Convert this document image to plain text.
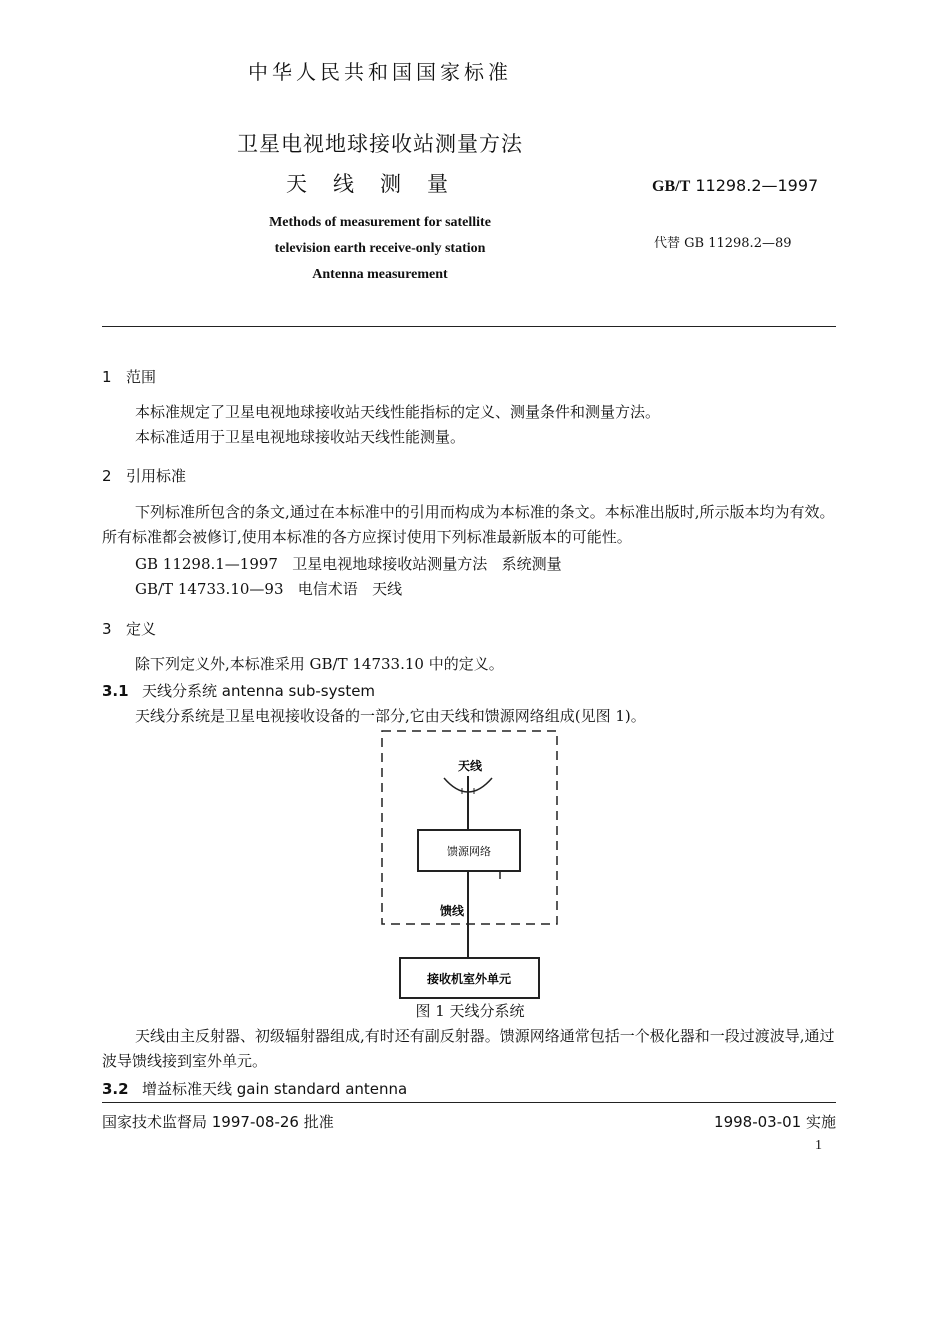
中华人民共和国国家标准
卫星电视地球接收站测量方法
天线测量
Methods of measurement for satellite
television earth receive-only station
Antenna measurement
GB/T 11298.2—1997
代替 GB 11298.2—89
1 范围
本标准规定了卫星电视地球接收站天线性能指标的定义、测量条件和测量方法。
本标准适用于卫星电视地球接收站天线性能测量。
2 引用标准
下列标准所包含的条文,通过在本标准中的引用而构成为本标准的条文。本标准出版时,所示版本均为有效。所有标准都会被修订,使用本标准的各方应探讨使用下列标准最新版本的可能性。
GB 11298.1—1997   卫星电视地球接收站测量方法   系统测量
GB/T 14733.10—93   电信术语   天线
3 定义
除下列定义外,本标准采用 GB/T 14733.10 中的定义。
3.1 天线分系统 antenna sub-system
天线分系统是卫星电视接收设备的一部分,它由天线和馈源网络组成(见图 1)。
天线
馈源网络
馈线
接收机室外单元
图 1 天线分系统
天线由主反射器、初级辐射器组成,有时还有副反射器。馈源网络通常包括一个极化器和一段过渡波导,通过波导馈线接到室外单元。
3.2 增益标准天线 gain standard antenna
国家技术监督局 1997-08-26 批准	1998-03-01 实施
1
